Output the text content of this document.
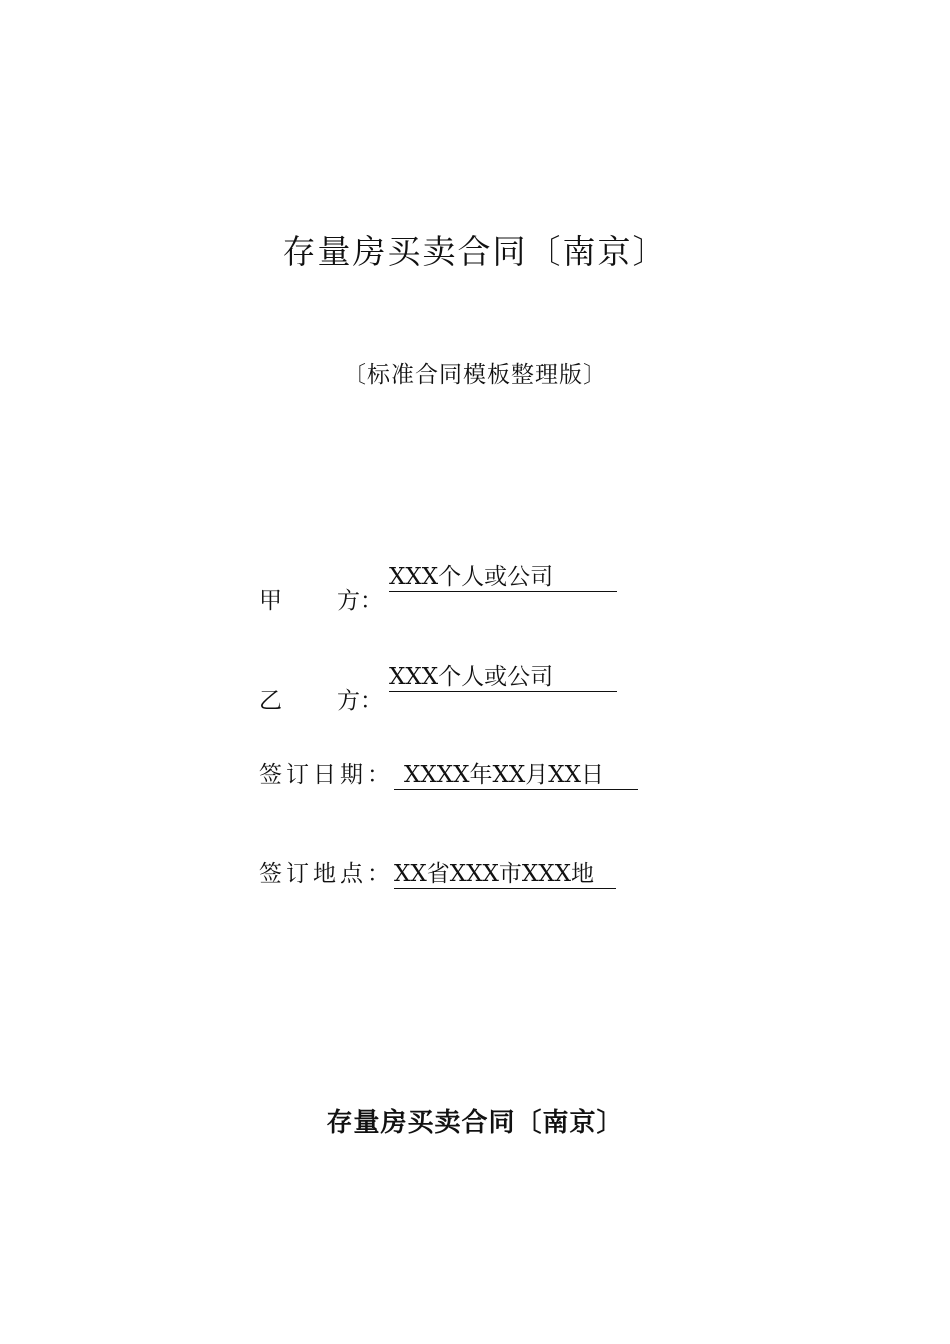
存量房买卖合同〔南京〕

〔标准合同模板整理版〕

甲 方：
XXX个人或公司
乙 方：
XXX个人或公司
签订日期： XXXX年XX月XX日
签订地点：XX省XXX市XXX地
存量房买卖合同〔南京〕
